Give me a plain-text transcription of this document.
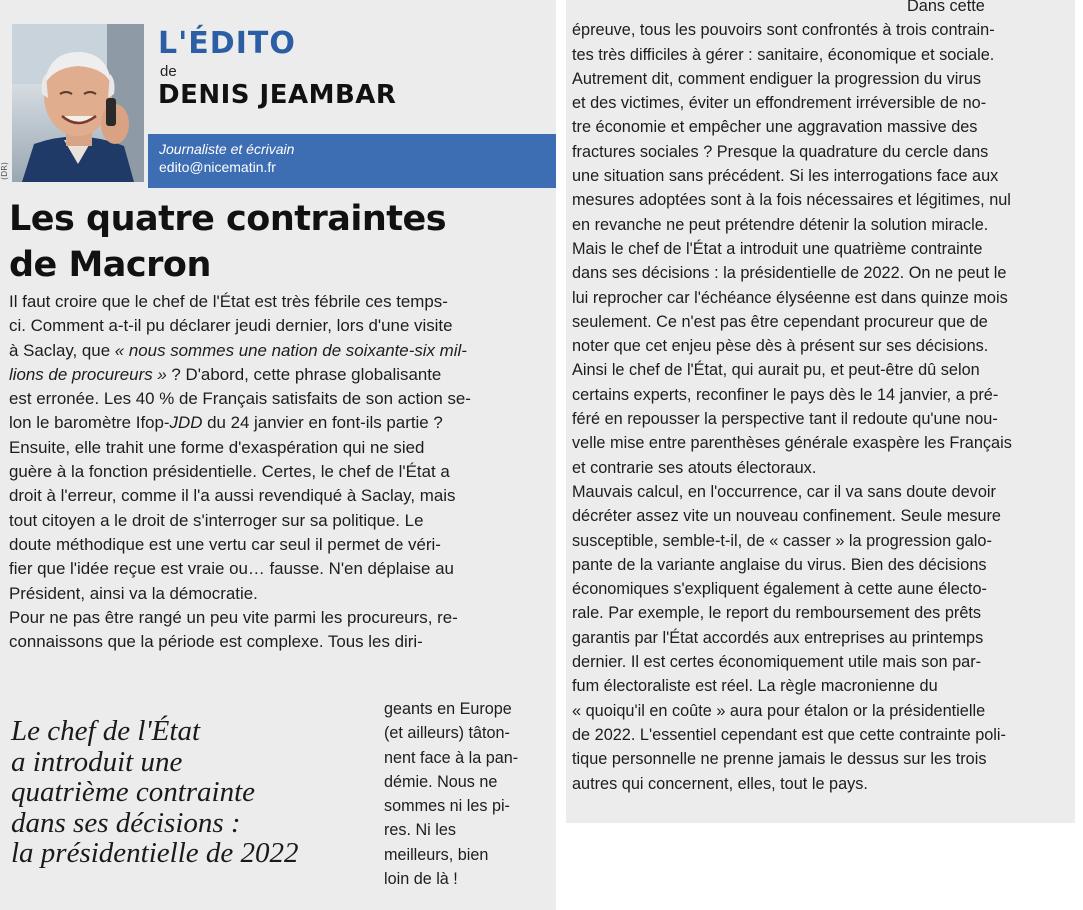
(DR)
L'ÉDITO
de
DENIS JEAMBAR
Journaliste et écrivain
edito@nicematin.fr
Les quatre contraintes
de Macron

Il faut croire que le chef de l'État est très fébrile ces temps-
ci. Comment a-t-il pu déclarer jeudi dernier, lors d'une visite
à Saclay, que « nous sommes une nation de soixante-six mil-
lions de procureurs » ? D'abord, cette phrase globalisante
est erronée. Les 40 % de Français satisfaits de son action se-
lon le baromètre Ifop-JDD du 24 janvier en font-ils partie ?
Ensuite, elle trahit une forme d'exaspération qui ne sied
guère à la fonction présidentielle. Certes, le chef de l'État a
droit à l'erreur, comme il l'a aussi revendiqué à Saclay, mais
tout citoyen a le droit de s'interroger sur sa politique. Le
doute méthodique est une vertu car seul il permet de véri-
fier que l'idée reçue est vraie ou… fausse. N'en déplaise au
Président, ainsi va la démocratie.
Pour ne pas être rangé un peu vite parmi les procureurs, re-
connaissons que la période est complexe. Tous les diri-

Le chef de l'État
a introduit une
quatrième contrainte
dans ses décisions :
la présidentielle de 2022

geants en Europe
(et ailleurs) tâton-
nent face à la pan-
démie. Nous ne
sommes ni les pi-
res. Ni les
meilleurs, bien
loin de là !

Dans cette
épreuve, tous les pouvoirs sont confrontés à trois contrain-
tes très difficiles à gérer : sanitaire, économique et sociale.
Autrement dit, comment endiguer la progression du virus
et des victimes, éviter un effondrement irréversible de no-
tre économie et empêcher une aggravation massive des
fractures sociales ? Presque la quadrature du cercle dans
une situation sans précédent. Si les interrogations face aux
mesures adoptées sont à la fois nécessaires et légitimes, nul
en revanche ne peut prétendre détenir la solution miracle.
Mais le chef de l'État a introduit une quatrième contrainte
dans ses décisions : la présidentielle de 2022. On ne peut le
lui reprocher car l'échéance élyséenne est dans quinze mois
seulement. Ce n'est pas être cependant procureur que de
noter que cet enjeu pèse dès à présent sur ses décisions.
Ainsi le chef de l'État, qui aurait pu, et peut-être dû selon
certains experts, reconfiner le pays dès le 14 janvier, a pré-
féré en repousser la perspective tant il redoute qu'une nou-
velle mise entre parenthèses générale exaspère les Français
et contrarie ses atouts électoraux.
Mauvais calcul, en l'occurrence, car il va sans doute devoir
décréter assez vite un nouveau confinement. Seule mesure
susceptible, semble-t-il, de « casser » la progression galo-
pante de la variante anglaise du virus. Bien des décisions
économiques s'expliquent également à cette aune électo-
rale. Par exemple, le report du remboursement des prêts
garantis par l'État accordés aux entreprises au printemps
dernier. Il est certes économiquement utile mais son par-
fum électoraliste est réel. La règle macronienne du
« quoiqu'il en coûte » aura pour étalon or la présidentielle
de 2022. L'essentiel cependant est que cette contrainte poli-
tique personnelle ne prenne jamais le dessus sur les trois
autres qui concernent, elles, tout le pays.
